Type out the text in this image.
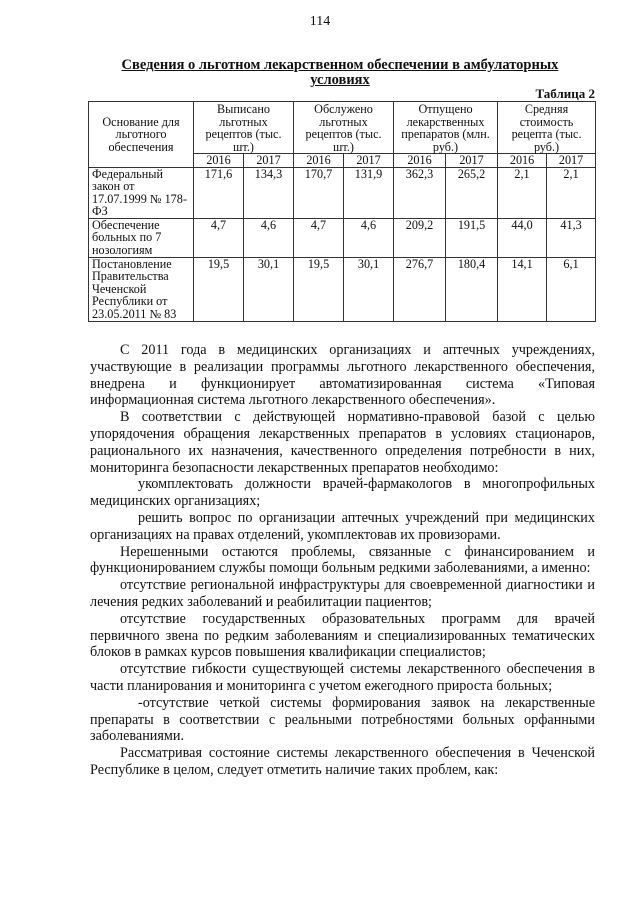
114
Сведения о льготном лекарственном обеспечении в амбулаторных условиях
Таблица 2
Основание для льготного обеспечения	Выписано льготных рецептов (тыс. шт.)		Обслужено льготных рецептов (тыс. шт.)		Отпущено лекарственных препаратов (млн. руб.)		Средняя стоимость рецепта (тыс. руб.)	
	2016	2017	2016	2017	2016	2017	2016	2017
Федеральный закон от 17.07.1999 № 178-ФЗ	171,6	134,3	170,7	131,9	362,3	265,2	2,1	2,1
Обеспечение больных по 7 нозологиям	4,7	4,6	4,7	4,6	209,2	191,5	44,0	41,3
Постановление Правительства Чеченской Республики от 23.05.2011 № 83	19,5	30,1	19,5	30,1	276,7	180,4	14,1	6,1

С 2011 года в медицинских организациях и аптечных учреждениях, участвующие в реализации программы льготного лекарственного обеспечения, внедрена и функционирует автоматизированная система «Типовая информационная система льготного лекарственного обеспечения».

В соответствии с действующей нормативно-правовой базой с целью упорядочения обращения лекарственных препаратов в условиях стационаров, рационального их назначения, качественного определения потребности в них, мониторинга безопасности лекарственных препаратов необходимо:

укомплектовать должности врачей-фармакологов в многопрофильных медицинских организациях;

решить вопрос по организации аптечных учреждений при медицинских организациях на правах отделений, укомплектовав их провизорами.

Нерешенными остаются проблемы, связанные с финансированием и функционированием службы помощи больным редкими заболеваниями, а именно:

отсутствие региональной инфраструктуры для своевременной диагностики и лечения редких заболеваний и реабилитации пациентов;

отсутствие государственных образовательных программ для врачей первичного звена по редким заболеваниям и специализированных тематических блоков в рамках курсов повышения квалификации специалистов;

отсутствие гибкости существующей системы лекарственного обеспечения в части планирования и мониторинга с учетом ежегодного прироста больных;

-отсутствие четкой системы формирования заявок на лекарственные препараты в соответствии с реальными потребностями больных орфанными заболеваниями.

Рассматривая состояние системы лекарственного обеспечения в Чеченской Республике в целом, следует отметить наличие таких проблем, как:
